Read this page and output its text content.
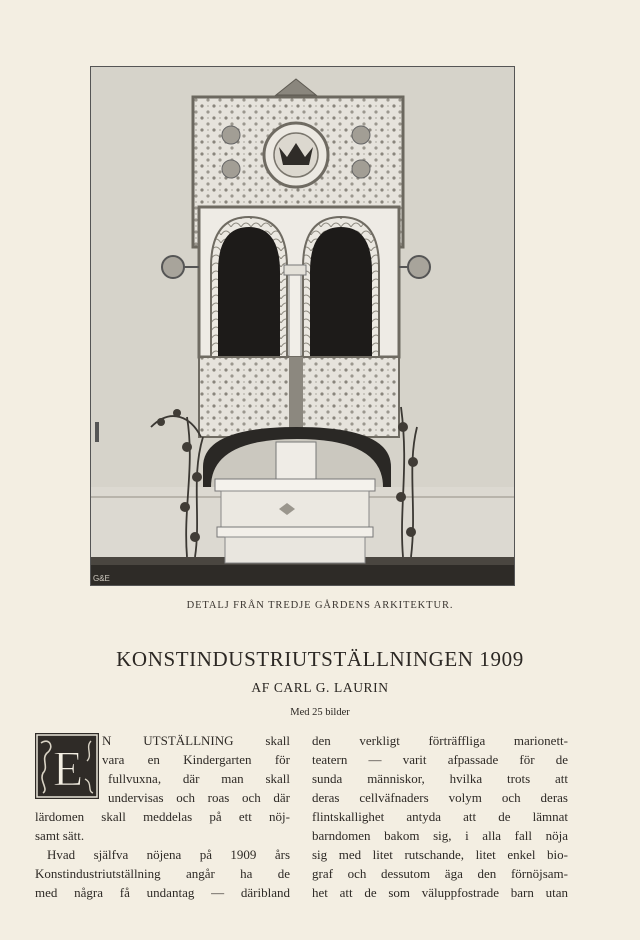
G&E
DETALJ FRÅN TREDJE GÅRDENS ARKITEKTUR.
KONSTINDUSTRIUTSTÄLLNINGEN 1909
AF CARL G. LAURIN
Med 25 bilder
E N UTSTÄLLNING skall
vara en Kindergarten för
fullvuxna, där man skall
undervisas och roas och där
lärdomen skall meddelas på ett nöj-
samt sätt.
Hvad själfva nöjena på 1909 års
Konstindustriutställning angår ha de
med några få undantag — däribland
den verkligt förträffliga marionett-
teatern — varit afpassade för de
sunda människor, hvilka trots att
deras cellväfnaders volym och deras
flintskallighet antyda att de lämnat
barndomen bakom sig, i alla fall nöja
sig med litet rutschande, litet enkel bio-
graf och dessutom äga den förnöjsam-
het att de som väluppfostrade barn utan
